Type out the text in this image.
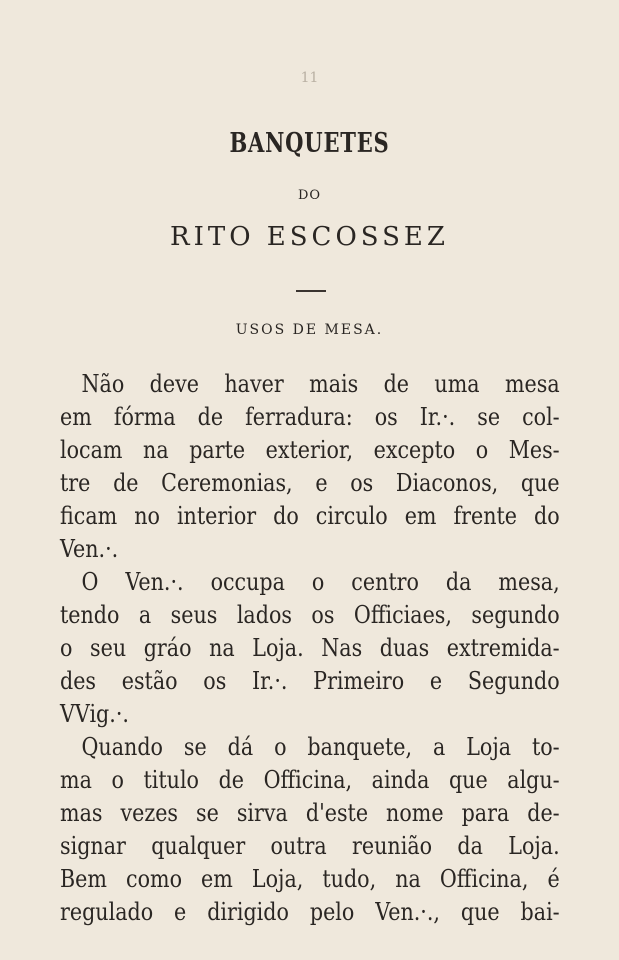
11
BANQUETES
DO
RITO ESCOSSEZ
USOS DE MESA.
Não deve haver mais de uma mesa
em fórma de ferradura: os Ir.·. se col-
locam na parte exterior, excepto o Mes-
tre de Ceremonias, e os Diaconos, que
ficam no interior do circulo em frente do
Ven.·.
O Ven.·. occupa o centro da mesa,
tendo a seus lados os Officiaes, segundo
o seu gráo na Loja. Nas duas extremida-
des estão os Ir.·. Primeiro e Segundo
VVig.·.
Quando se dá o banquete, a Loja to-
ma o titulo de Officina, ainda que algu-
mas vezes se sirva d'este nome para de-
signar qualquer outra reunião da Loja.
Bem como em Loja, tudo, na Officina, é
regulado e dirigido pelo Ven.·., que bai-
